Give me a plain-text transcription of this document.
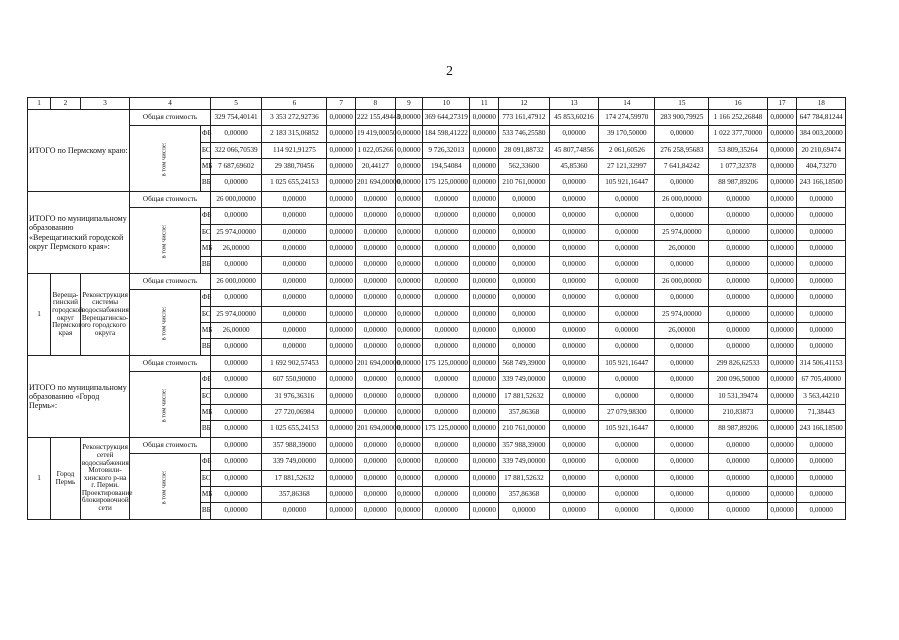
2
1	2	3	4		5	6	7	8	9	10	11	12	13	14	15	16	17	18
ИТОГО по Пермскому краю:			Общая стоимость		329 754,40141	3 353 272,92736	0,00000	222 155,49443	0,00000	369 644,27319	0,00000	773 161,47912	45 853,60216	174 274,59970	283 900,79925	1 166 252,26848	0,00000	647 784,81244
			в том числе:	ФБ	0,00000	2 183 315,06852	0,00000	19 419,00050	0,00000	184 598,41222	0,00000	533 746,25580	0,00000	39 170,50000	0,00000	1 022 377,70000	0,00000	384 003,20000
				БС	322 066,70539	114 921,91275	0,00000	1 022,05266	0,00000	9 726,32013	0,00000	28 091,88732	45 807,74856	2 061,60526	276 258,95683	53 809,35264	0,00000	20 210,69474
				МБ	7 687,69602	29 380,70456	0,00000	20,44127	0,00000	194,54084	0,00000	562,33600	45,85360	27 121,32997	7 641,84242	1 077,32378	0,00000	404,73270
				ВБ	0,00000	1 025 655,24153	0,00000	201 694,00000	0,00000	175 125,00000	0,00000	210 761,00000	0,00000	105 921,16447	0,00000	88 987,89206	0,00000	243 166,18500
ИТОГО по муниципальному образованию «Верещагинский городской округ Пермского края»:			Общая стоимость		26 000,00000	0,00000	0,00000	0,00000	0,00000	0,00000	0,00000	0,00000	0,00000	0,00000	26 000,00000	0,00000	0,00000	0,00000
			в том числе:	ФБ	0,00000	0,00000	0,00000	0,00000	0,00000	0,00000	0,00000	0,00000	0,00000	0,00000	0,00000	0,00000	0,00000	0,00000
				БС	25 974,00000	0,00000	0,00000	0,00000	0,00000	0,00000	0,00000	0,00000	0,00000	0,00000	25 974,00000	0,00000	0,00000	0,00000
				МБ	26,00000	0,00000	0,00000	0,00000	0,00000	0,00000	0,00000	0,00000	0,00000	0,00000	26,00000	0,00000	0,00000	0,00000
				ВБ	0,00000	0,00000	0,00000	0,00000	0,00000	0,00000	0,00000	0,00000	0,00000	0,00000	0,00000	0,00000	0,00000	0,00000
1	Вереща-гинский городской округ Пермского края	Реконструкция системы водоснабжения Верещагинско-го городского округа	Общая стоимость		26 000,00000	0,00000	0,00000	0,00000	0,00000	0,00000	0,00000	0,00000	0,00000	0,00000	26 000,00000	0,00000	0,00000	0,00000
			в том числе:	ФБ	0,00000	0,00000	0,00000	0,00000	0,00000	0,00000	0,00000	0,00000	0,00000	0,00000	0,00000	0,00000	0,00000	0,00000
				БС	25 974,00000	0,00000	0,00000	0,00000	0,00000	0,00000	0,00000	0,00000	0,00000	0,00000	25 974,00000	0,00000	0,00000	0,00000
				МБ	26,00000	0,00000	0,00000	0,00000	0,00000	0,00000	0,00000	0,00000	0,00000	0,00000	26,00000	0,00000	0,00000	0,00000
				ВБ	0,00000	0,00000	0,00000	0,00000	0,00000	0,00000	0,00000	0,00000	0,00000	0,00000	0,00000	0,00000	0,00000	0,00000
ИТОГО по муниципальному образованию «Город Пермь»:			Общая стоимость		0,00000	1 692 902,57453	0,00000	201 694,00000	0,00000	175 125,00000	0,00000	568 749,39000	0,00000	105 921,16447	0,00000	299 826,62533	0,00000	314 506,41153
			в том числе:	ФБ	0,00000	607 550,90000	0,00000	0,00000	0,00000	0,00000	0,00000	339 749,00000	0,00000	0,00000	0,00000	200 096,50000	0,00000	67 705,40000
				БС	0,00000	31 976,36316	0,00000	0,00000	0,00000	0,00000	0,00000	17 881,52632	0,00000	0,00000	0,00000	10 531,39474	0,00000	3 563,44210
				МБ	0,00000	27 720,06984	0,00000	0,00000	0,00000	0,00000	0,00000	357,86368	0,00000	27 079,98300	0,00000	210,83873	0,00000	71,38443
				ВБ	0,00000	1 025 655,24153	0,00000	201 694,00000	0,00000	175 125,00000	0,00000	210 761,00000	0,00000	105 921,16447	0,00000	88 987,89206	0,00000	243 166,18500
1	Город Пермь	Реконструкция сетей водоснабжения Мотовили-хинского р-на г. Перми. Проектирование блокировочной сети	Общая стоимость		0,00000	357 988,39000	0,00000	0,00000	0,00000	0,00000	0,00000	357 988,39000	0,00000	0,00000	0,00000	0,00000	0,00000	0,00000
			в том числе:	ФБ	0,00000	339 749,00000	0,00000	0,00000	0,00000	0,00000	0,00000	339 749,00000	0,00000	0,00000	0,00000	0,00000	0,00000	0,00000
				БС	0,00000	17 881,52632	0,00000	0,00000	0,00000	0,00000	0,00000	17 881,52632	0,00000	0,00000	0,00000	0,00000	0,00000	0,00000
				МБ	0,00000	357,86368	0,00000	0,00000	0,00000	0,00000	0,00000	357,86368	0,00000	0,00000	0,00000	0,00000	0,00000	0,00000
				ВБ	0,00000	0,00000	0,00000	0,00000	0,00000	0,00000	0,00000	0,00000	0,00000	0,00000	0,00000	0,00000	0,00000	0,00000
